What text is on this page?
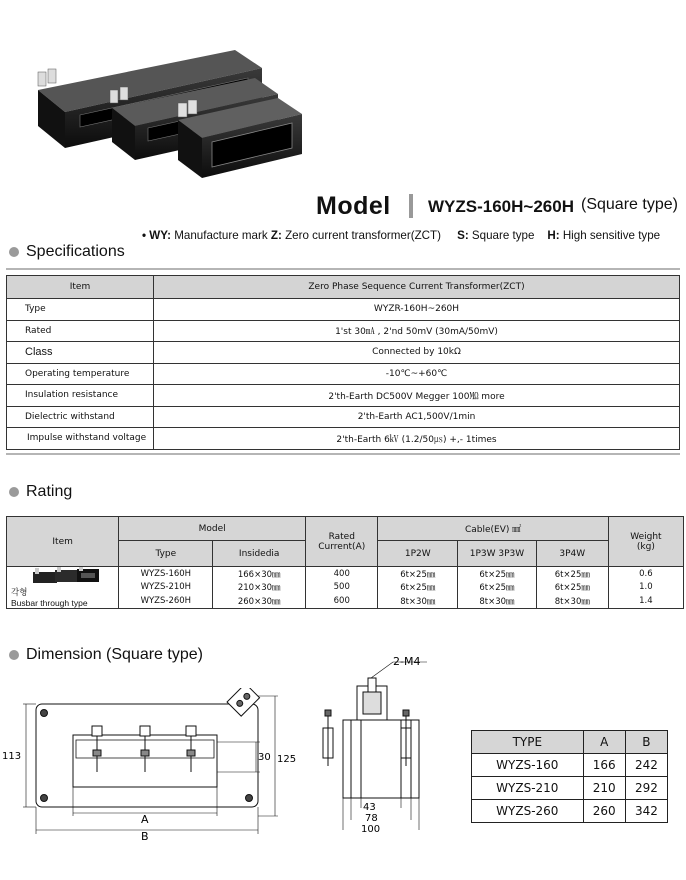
Model WYZS-160H~260H (Square type)
• WY: Manufacture mark Z: Zero current transformer(ZCT) S: Square type H: High sensitive type
Specifications
Item	Zero Phase Sequence Current Transformer(ZCT)
Type	WYZR-160H~260H
Rated	1'st 30㎃ , 2'nd 50mV (30mA/50mV)
Class	Connected by 10kΩ
Operating temperature	-10℃~+60℃
Insulation resistance	2'th-Earth DC500V Megger 100㏁ more
Dielectric withstand	2'th-Earth AC1,500V/1min
Impulse withstand voltage	2'th-Earth 6㎸ (1.2/50㎲) +,- 1times
Rating
Item	Model		Rated Current(A)	Cable(EV) ㎟			Weight (kg)
	Type	Insidedia		1P2W	1P3W 3P3W	3P4W	

각형
Busbar through type	WYZS-160H	166×30㎜	400	6t×25㎜	6t×25㎜	6t×25㎜	0.6
	WYZS-210H	210×30㎜	500	6t×25㎜	6t×25㎜	6t×25㎜	1.0
	WYZS-260H	260×30㎜	600	8t×30㎜	8t×30㎜	8t×30㎜	1.4
Dimension (Square type)
113	125
30
A
B
2-M4
43
78
100
TYPE	A	B
WYZS-160	166	242
WYZS-210	210	292
WYZS-260	260	342
